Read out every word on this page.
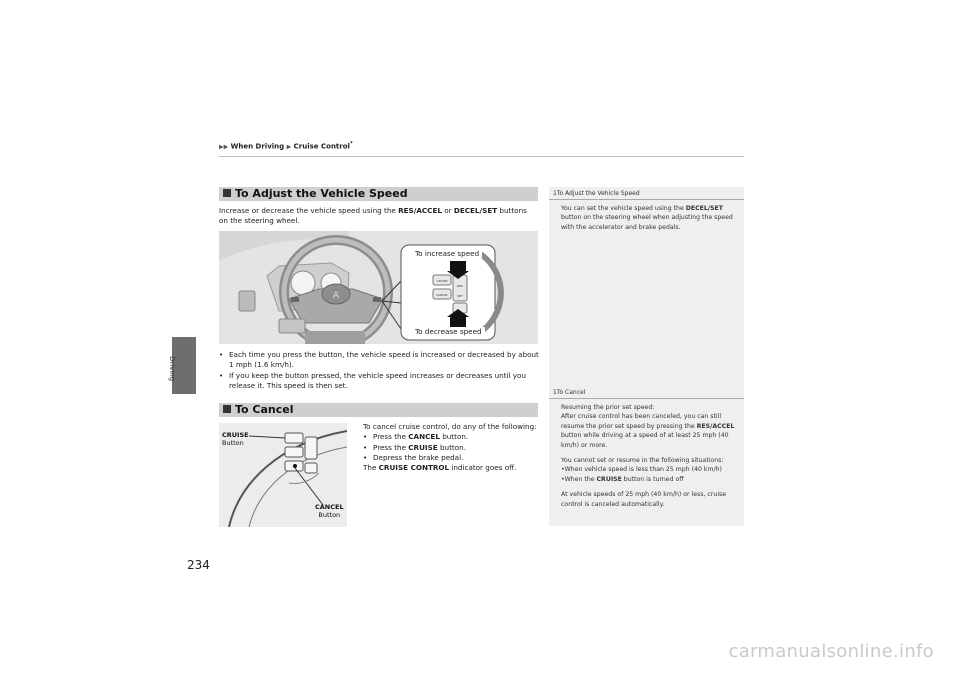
Driving
▶▶ When Driving ▶ Cruise Control*
To Adjust the Vehicle Speed
Increase or decrease the vehicle speed using the RES/ACCEL or DECEL/SET buttons
on the steering wheel.
A
CRUISE
CANCEL
RES
SET
To increase speed
To decrease speed
• Each time you press the button, the vehicle speed is increased or decreased by about 1 mph (1.6 km/h).
• If you keep the button pressed, the vehicle speed increases or decreases until you release it. This speed is then set.
To Cancel
CRUISE
Button
CANCEL
Button
To cancel cruise control, do any of the following:
• Press the CANCEL button.
• Press the CRUISE button.
• Depress the brake pedal.
The CRUISE CONTROL indicator goes off.
1To Adjust the Vehicle Speed
You can set the vehicle speed using the DECEL/SET button on the steering wheel when adjusting the speed with the accelerator and brake pedals.
1To Cancel
Resuming the prior set speed:
After cruise control has been canceled, you can still resume the prior set speed by pressing the RES/ACCEL button while driving at a speed of at least 25 mph (40 km/h) or more.
You cannot set or resume in the following situations:
•When vehicle speed is less than 25 mph (40 km/h)
•When the CRUISE button is turned off
At vehicle speeds of 25 mph (40 km/h) or less, cruise control is canceled automatically.
234
carmanualsonline.info
